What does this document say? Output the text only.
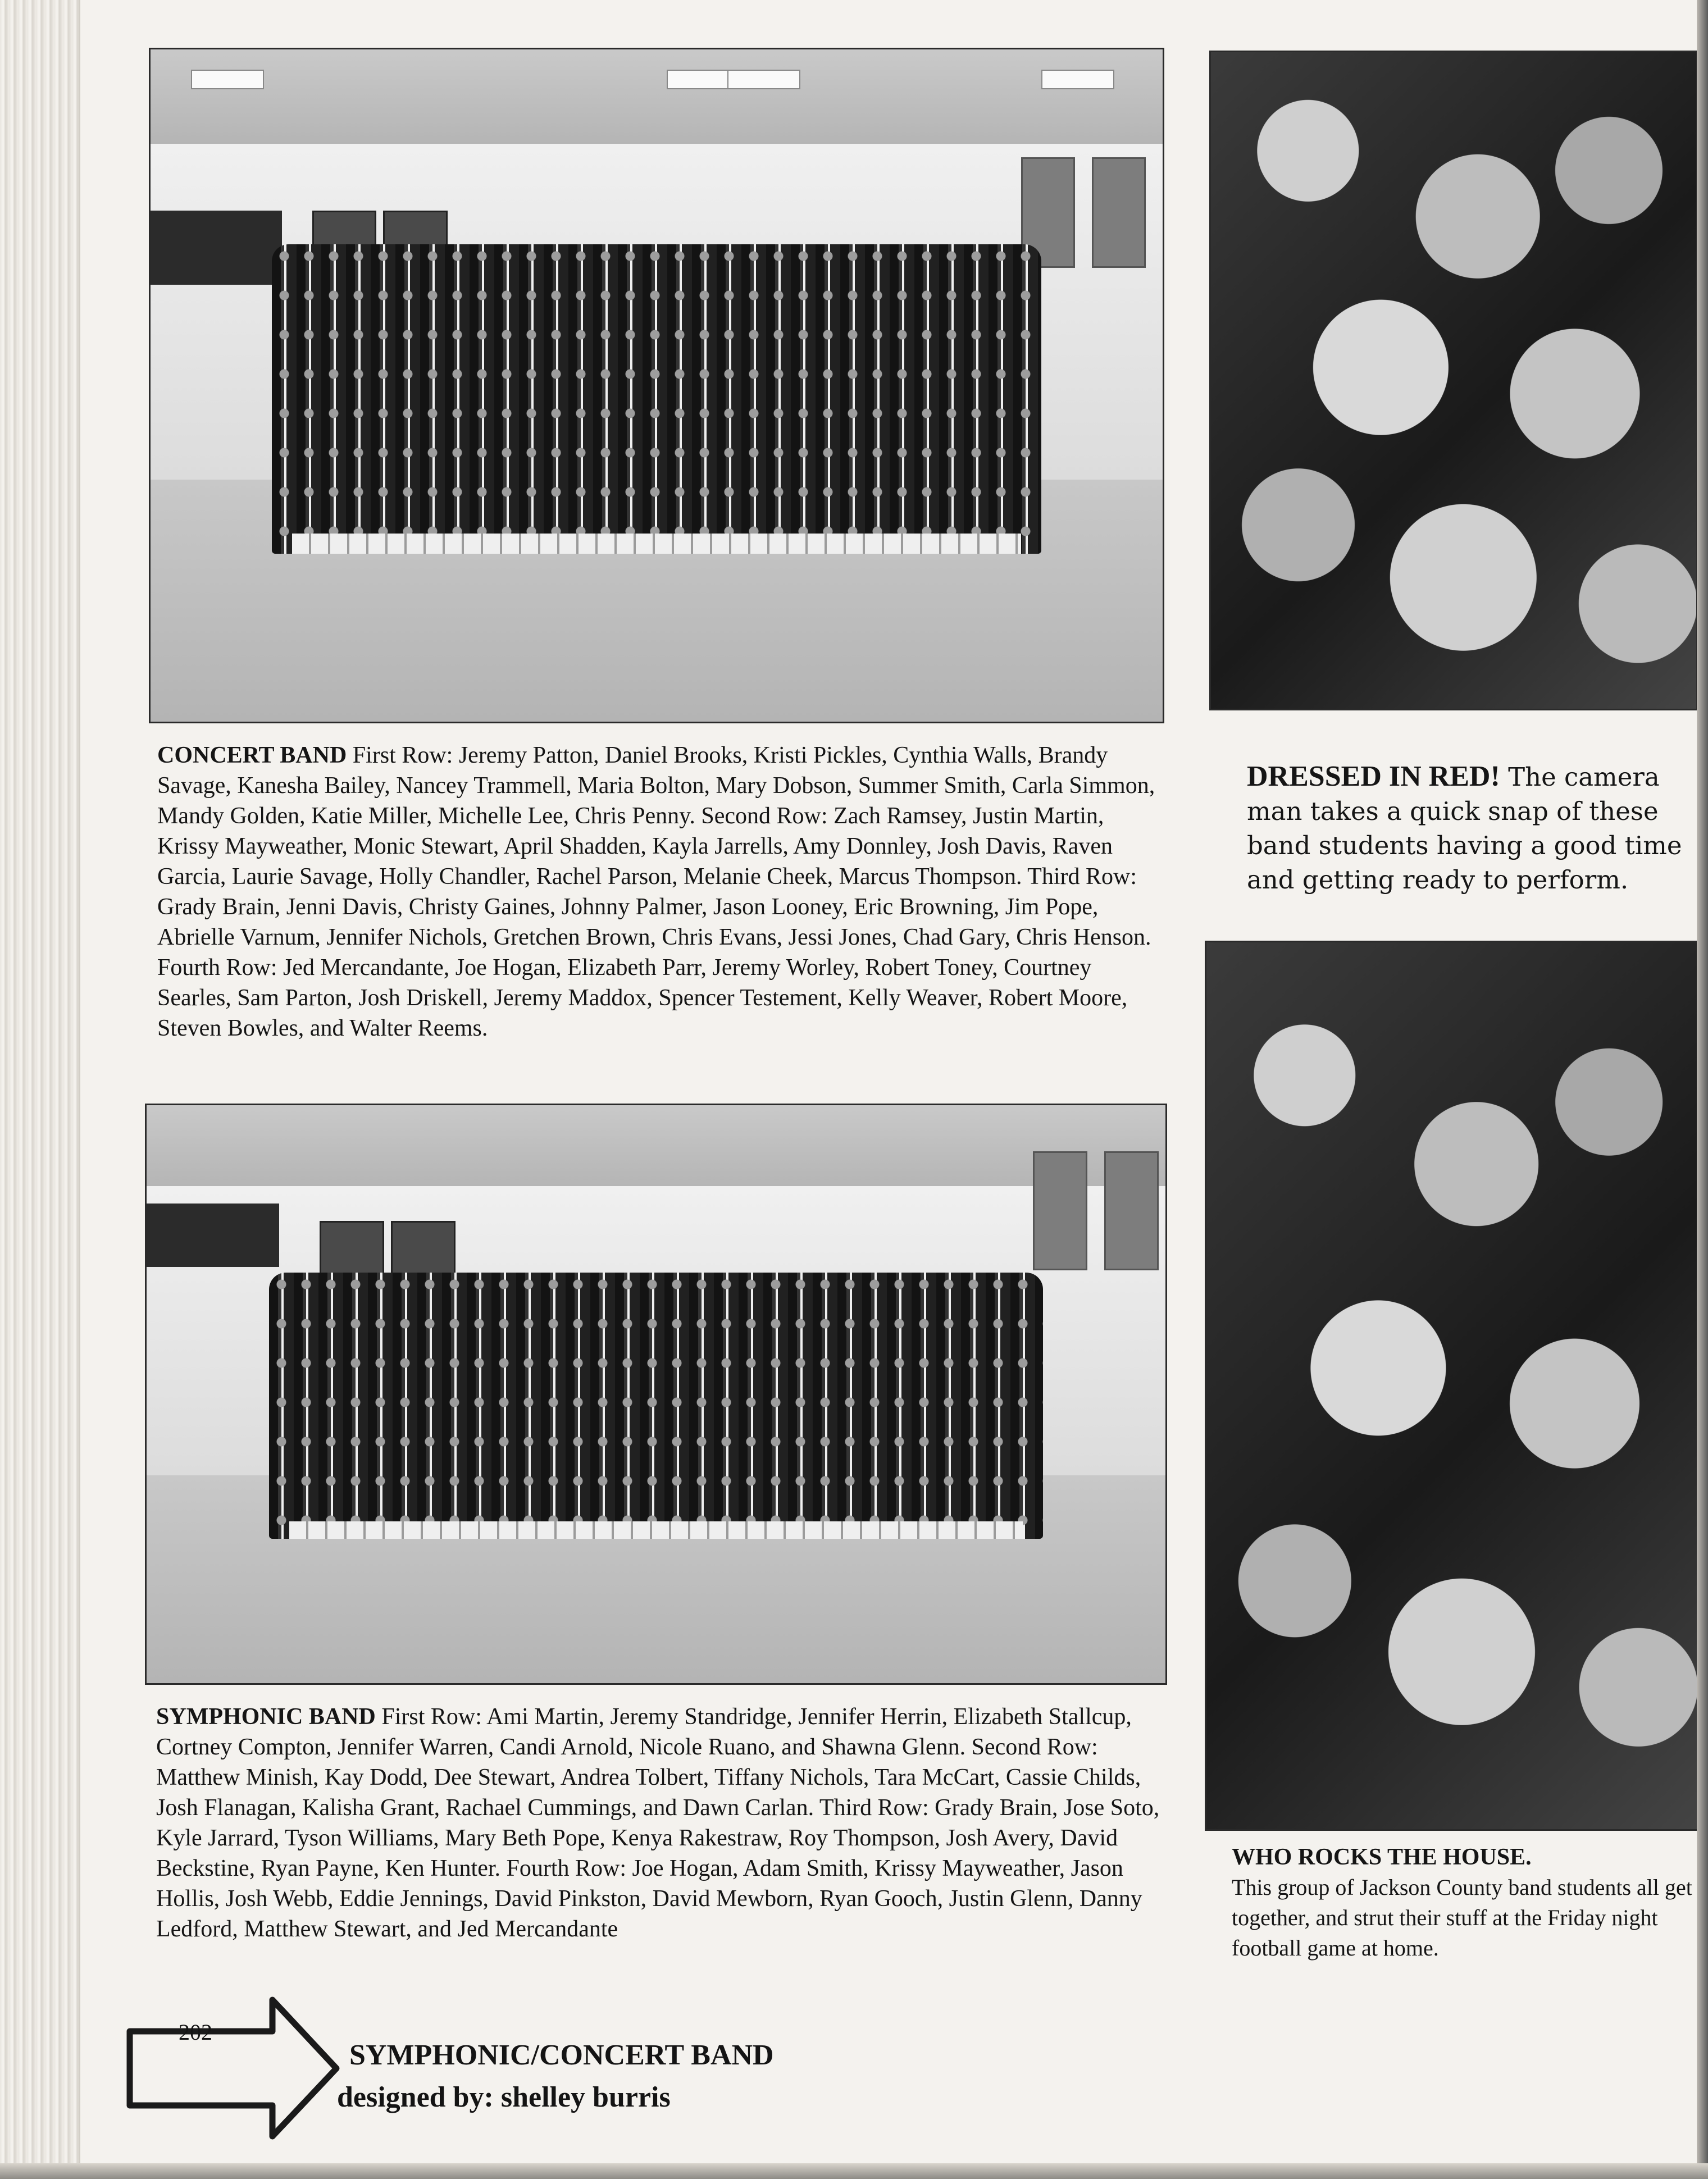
CONCERT BAND First Row: Jeremy Patton, Daniel Brooks, Kristi Pickles, Cynthia Walls, Brandy Savage, Kanesha Bailey, Nancey Trammell, Maria Bolton, Mary Dobson, Summer Smith, Carla Simmon, Mandy Golden, Katie Miller, Michelle Lee, Chris Penny. Second Row: Zach Ramsey, Justin Martin, Krissy Mayweather, Monic Stewart, April Shadden, Kayla Jarrells, Amy Donnley, Josh Davis, Raven Garcia, Laurie Savage, Holly Chandler, Rachel Parson, Melanie Cheek, Marcus Thompson. Third Row: Grady Brain, Jenni Davis, Christy Gaines, Johnny Palmer, Jason Looney, Eric Browning, Jim Pope, Abrielle Varnum, Jennifer Nichols, Gretchen Brown, Chris Evans, Jessi Jones, Chad Gary, Chris Henson. Fourth Row: Jed Mercandante, Joe Hogan, Elizabeth Parr, Jeremy Worley, Robert Toney, Courtney Searles, Sam Parton, Josh Driskell, Jeremy Maddox, Spencer Testement, Kelly Weaver, Robert Moore, Steven Bowles, and Walter Reems.

SYMPHONIC BAND First Row: Ami Martin, Jeremy Standridge, Jennifer Herrin, Elizabeth Stallcup, Cortney Compton, Jennifer Warren, Candi Arnold, Nicole Ruano, and Shawna Glenn. Second Row: Matthew Minish, Kay Dodd, Dee Stewart, Andrea Tolbert, Tiffany Nichols, Tara McCart, Cassie Childs, Josh Flanagan, Kalisha Grant, Rachael Cummings, and Dawn Carlan. Third Row: Grady Brain, Jose Soto, Kyle Jarrard, Tyson Williams, Mary Beth Pope, Kenya Rakestraw, Roy Thompson, Josh Avery, David Beckstine, Ryan Payne, Ken Hunter. Fourth Row: Joe Hogan, Adam Smith, Krissy Mayweather, Jason Hollis, Josh Webb, Eddie Jennings, David Pinkston, David Mewborn, Ryan Gooch, Justin Glenn, Danny Ledford, Matthew Stewart, and Jed Mercandante

DRESSED IN RED! The camera man takes a quick snap of these band students having a good time and getting ready to perform.

WHO ROCKS THE HOUSE.
This group of Jackson County band students all get together, and strut their stuff at the Friday night football game at home.

202
SYMPHONIC/CONCERT BAND
designed by: shelley burris
